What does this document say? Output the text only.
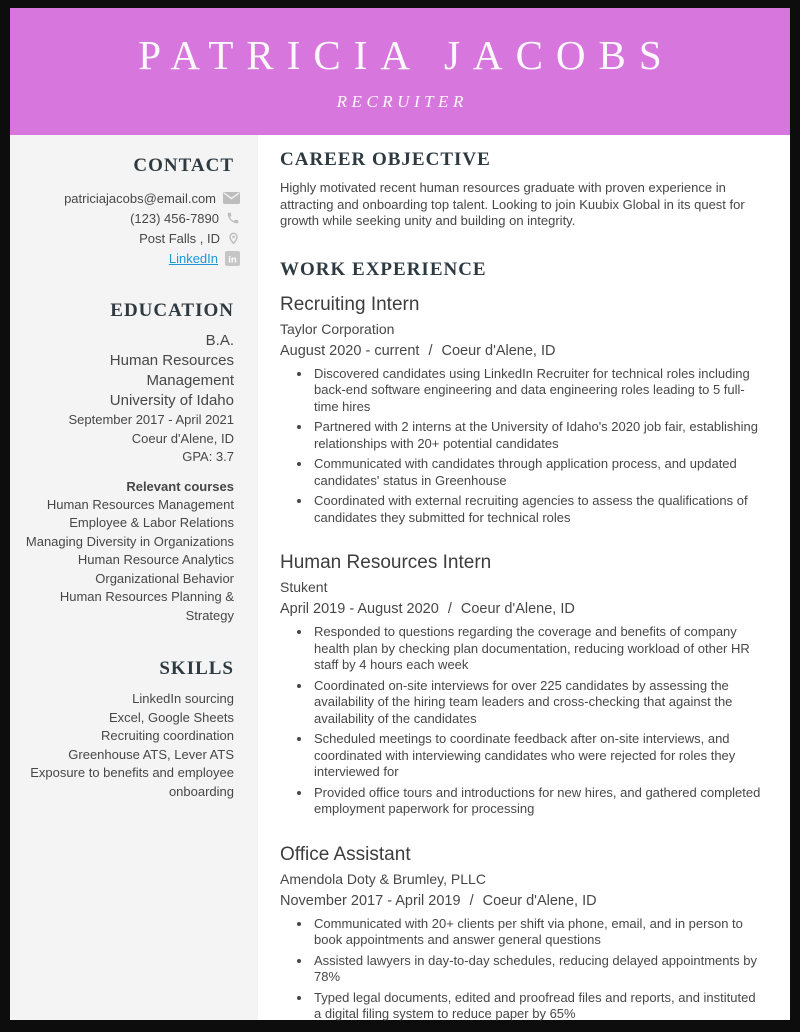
PATRICIA JACOBS
RECRUITER
CONTACT
patriciajacobs@email.com
(123) 456-7890
Post Falls , ID
LinkedIn in
EDUCATION
B.A.
Human Resources Management
University of Idaho
September 2017 - April 2021
Coeur d'Alene, ID
GPA: 3.7
Relevant courses
Human Resources Management
Employee & Labor Relations
Managing Diversity in Organizations
Human Resource Analytics
Organizational Behavior
Human Resources Planning & Strategy
SKILLS
LinkedIn sourcing
Excel, Google Sheets
Recruiting coordination
Greenhouse ATS, Lever ATS
Exposure to benefits and employee onboarding
CAREER OBJECTIVE
Highly motivated recent human resources graduate with proven experience in attracting and onboarding top talent. Looking to join Kuubix Global in its quest for growth while seeking unity and building on integrity.
WORK EXPERIENCE
Recruiting Intern
Taylor Corporation
August 2020 - current / Coeur d'Alene, ID
• Discovered candidates using LinkedIn Recruiter for technical roles including back-end software engineering and data engineering roles leading to 5 full-time hires
• Partnered with 2 interns at the University of Idaho's 2020 job fair, establishing relationships with 20+ potential candidates
• Communicated with candidates through application process, and updated candidates' status in Greenhouse
• Coordinated with external recruiting agencies to assess the qualifications of candidates they submitted for technical roles
Human Resources Intern
Stukent
April 2019 - August 2020 / Coeur d'Alene, ID
• Responded to questions regarding the coverage and benefits of company health plan by checking plan documentation, reducing workload of other HR staff by 4 hours each week
• Coordinated on-site interviews for over 225 candidates by assessing the availability of the hiring team leaders and cross-checking that against the availability of the candidates
• Scheduled meetings to coordinate feedback after on-site interviews, and coordinated with interviewing candidates who were rejected for roles they interviewed for
• Provided office tours and introductions for new hires, and gathered completed employment paperwork for processing
Office Assistant
Amendola Doty & Brumley, PLLC
November 2017 - April 2019 / Coeur d'Alene, ID
• Communicated with 20+ clients per shift via phone, email, and in person to book appointments and answer general questions
• Assisted lawyers in day-to-day schedules, reducing delayed appointments by 78%
• Typed legal documents, edited and proofread files and reports, and instituted a digital filing system to reduce paper by 65%
